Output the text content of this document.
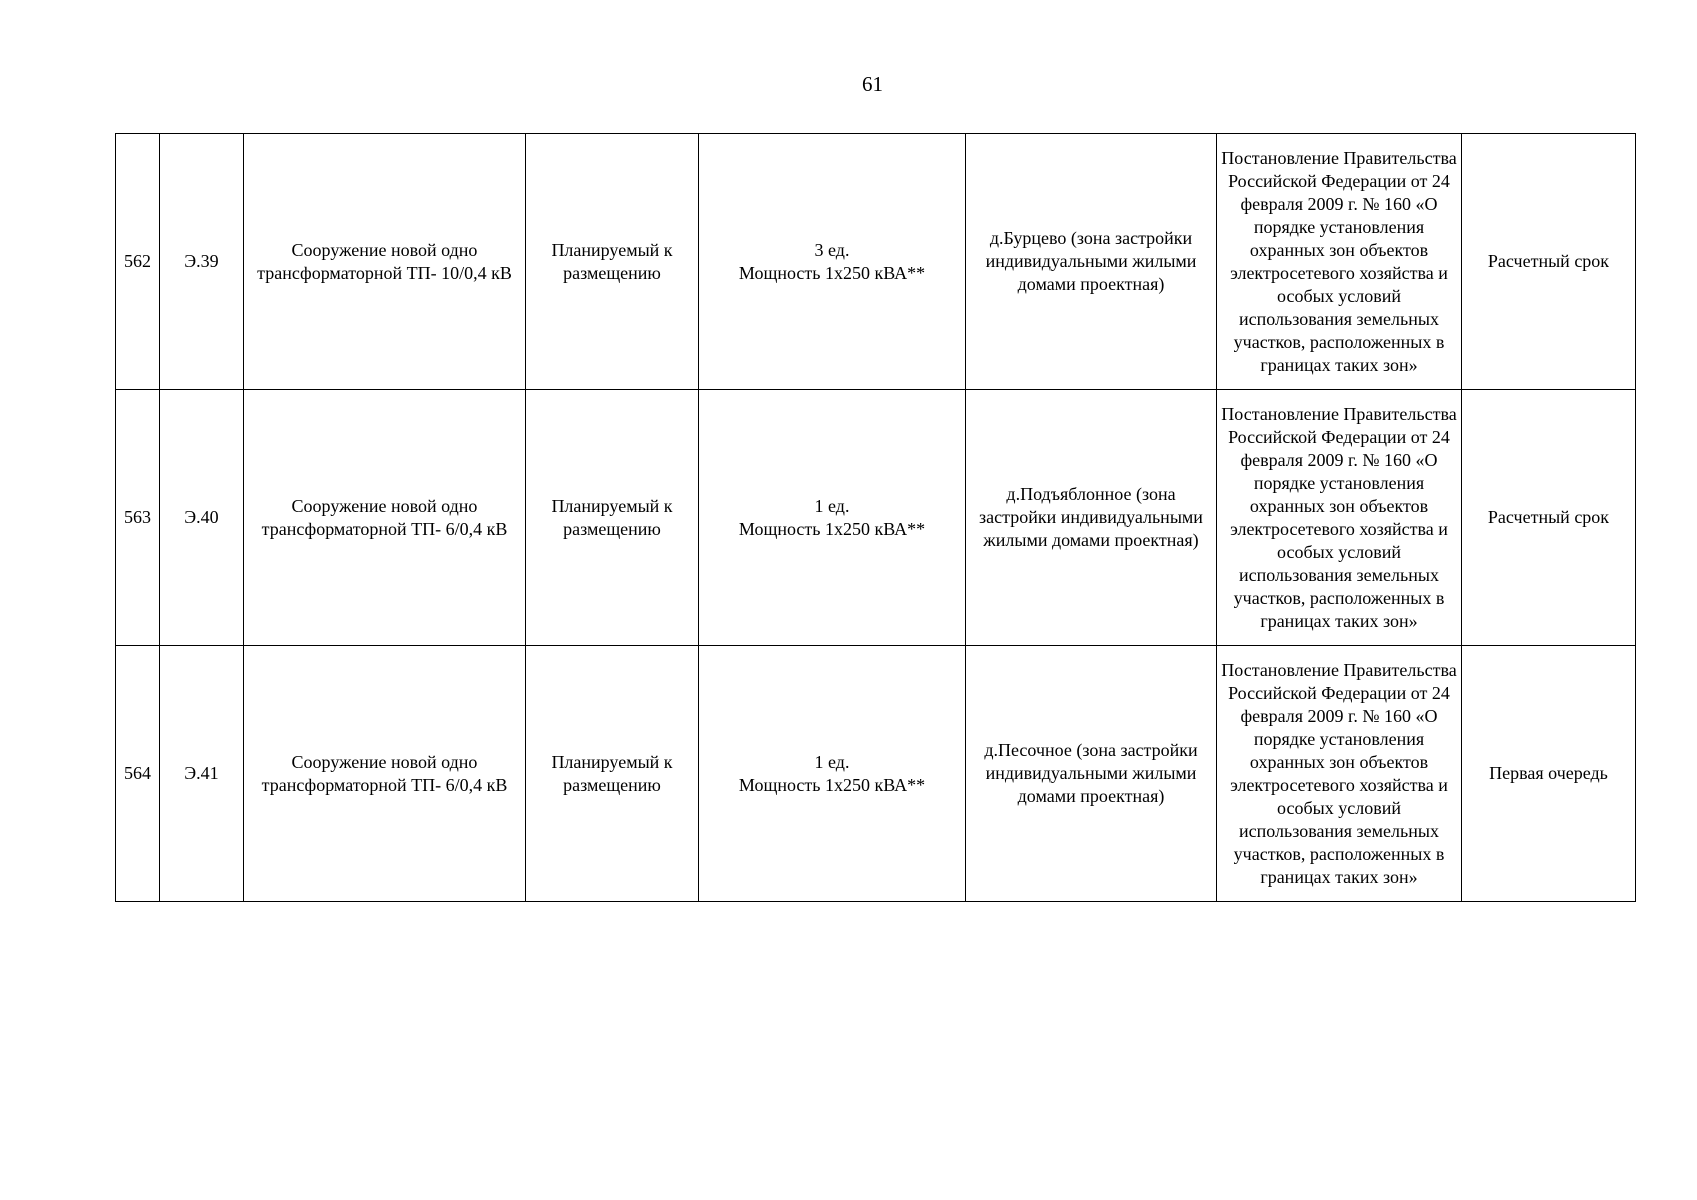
61
562	Э.39	Сооружение новой одно трансформаторной ТП- 10/0,4 кВ	Планируемый к размещению	3 ед.
Мощность 1х250 кВА**	д.Бурцево (зона застройки индивидуальными жилыми домами проектная)	Постановление Правительства Российской Федерации от 24 февраля 2009 г. № 160 «О порядке установления охранных зон объектов электросетевого хозяйства и особых условий использования земельных участков, расположенных в границах таких зон»	Расчетный срок
563	Э.40	Сооружение новой одно трансформаторной ТП- 6/0,4 кВ	Планируемый к размещению	1 ед.
Мощность 1х250 кВА**	д.Подъяблонное (зона застройки индивидуальными жилыми домами проектная)	Постановление Правительства Российской Федерации от 24 февраля 2009 г. № 160 «О порядке установления охранных зон объектов электросетевого хозяйства и особых условий использования земельных участков, расположенных в границах таких зон»	Расчетный срок
564	Э.41	Сооружение новой одно трансформаторной ТП- 6/0,4 кВ	Планируемый к размещению	1 ед.
Мощность 1х250 кВА**	д.Песочное (зона застройки индивидуальными жилыми домами проектная)	Постановление Правительства Российской Федерации от 24 февраля 2009 г. № 160 «О порядке установления охранных зон объектов электросетевого хозяйства и особых условий использования земельных участков, расположенных в границах таких зон»	Первая очередь
